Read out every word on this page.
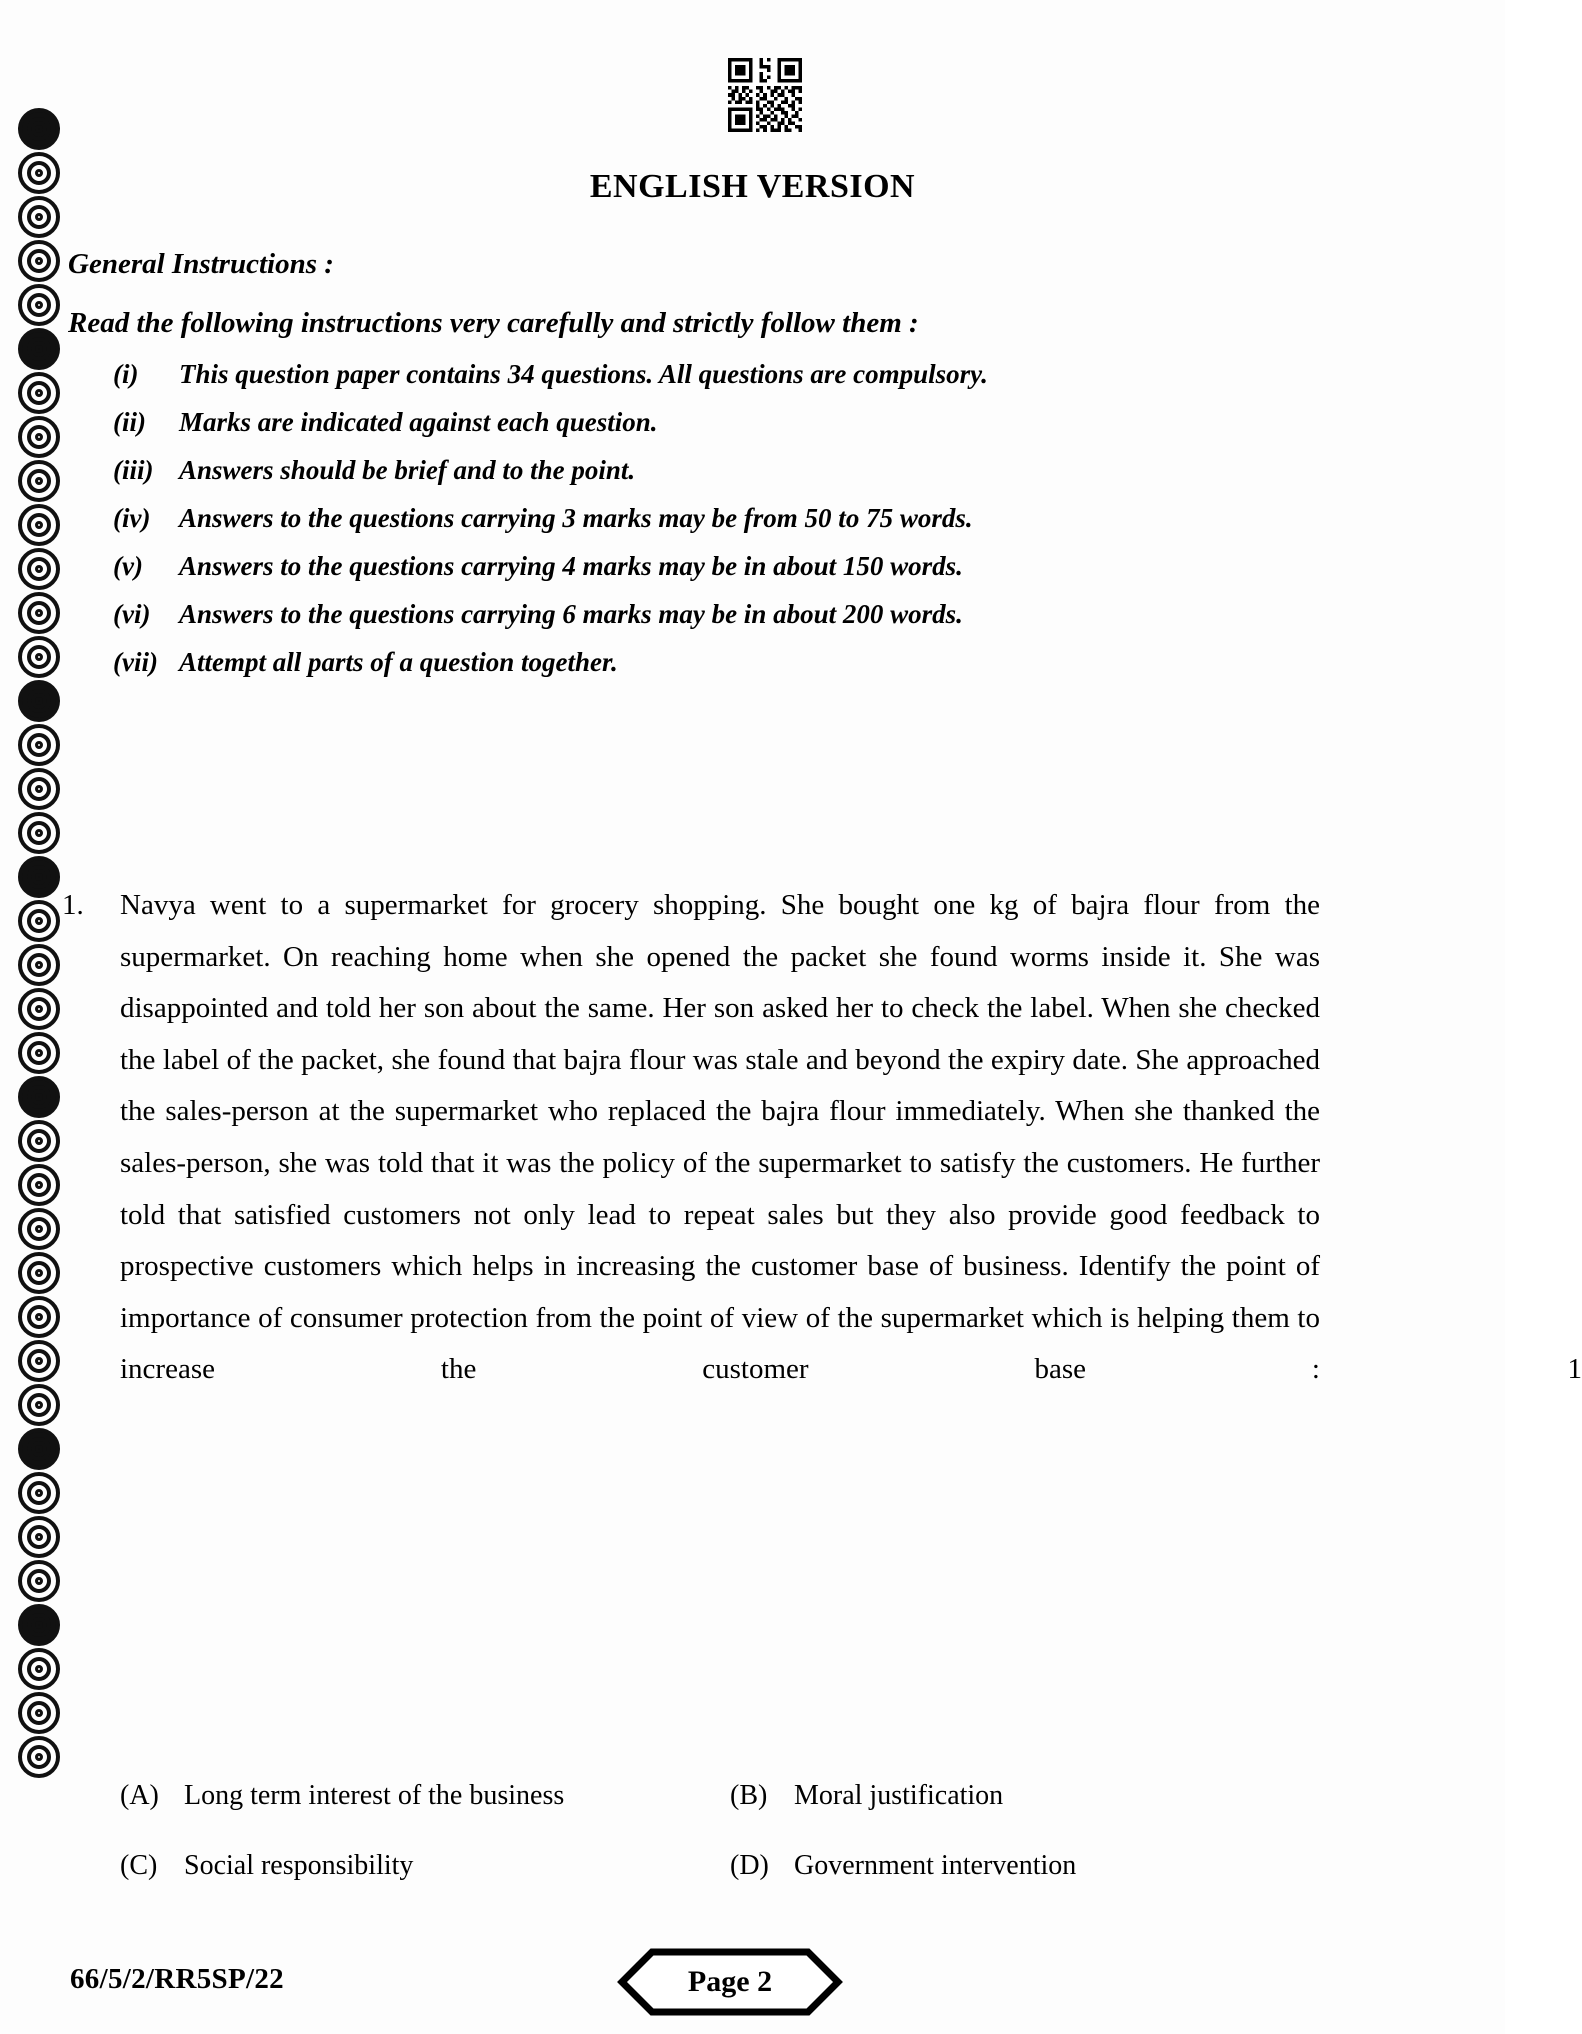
ENGLISH VERSION
General Instructions :
Read the following instructions very carefully and strictly follow them :
(i)	This question paper contains 34 questions. All questions are compulsory.
(ii)	Marks are indicated against each question.
(iii) Answers should be brief and to the point.
(iv)	Answers to the questions carrying 3 marks may be from 50 to 75 words.
(v)	Answers to the questions carrying 4 marks may be in about 150 words.
(vi)	Answers to the questions carrying 6 marks may be in about 200 words.
(vii) Attempt all parts of a question together.
1.	Navya went to a supermarket for grocery shopping. She bought one kg of bajra flour from the supermarket. On reaching home when she opened the packet she found worms inside it. She was disappointed and told her son about the same. Her son asked her to check the label. When she checked the label of the packet, she found that bajra flour was stale and beyond the expiry date. She approached the sales-person at the supermarket who replaced the bajra flour immediately. When she thanked the sales-person, she was told that it was the policy of the supermarket to satisfy the customers. He further told that satisfied customers not only lead to repeat sales but they also provide good feedback to prospective customers which helps in increasing the customer base of business. Identify the point of importance of consumer protection from the point of view of the supermarket which is helping them to increase the customer base :	1
(A) Long term interest of the business	(B) Moral justification
(C) Social responsibility	(D) Government intervention
66/5/2/RR5SP/22	Page 2
